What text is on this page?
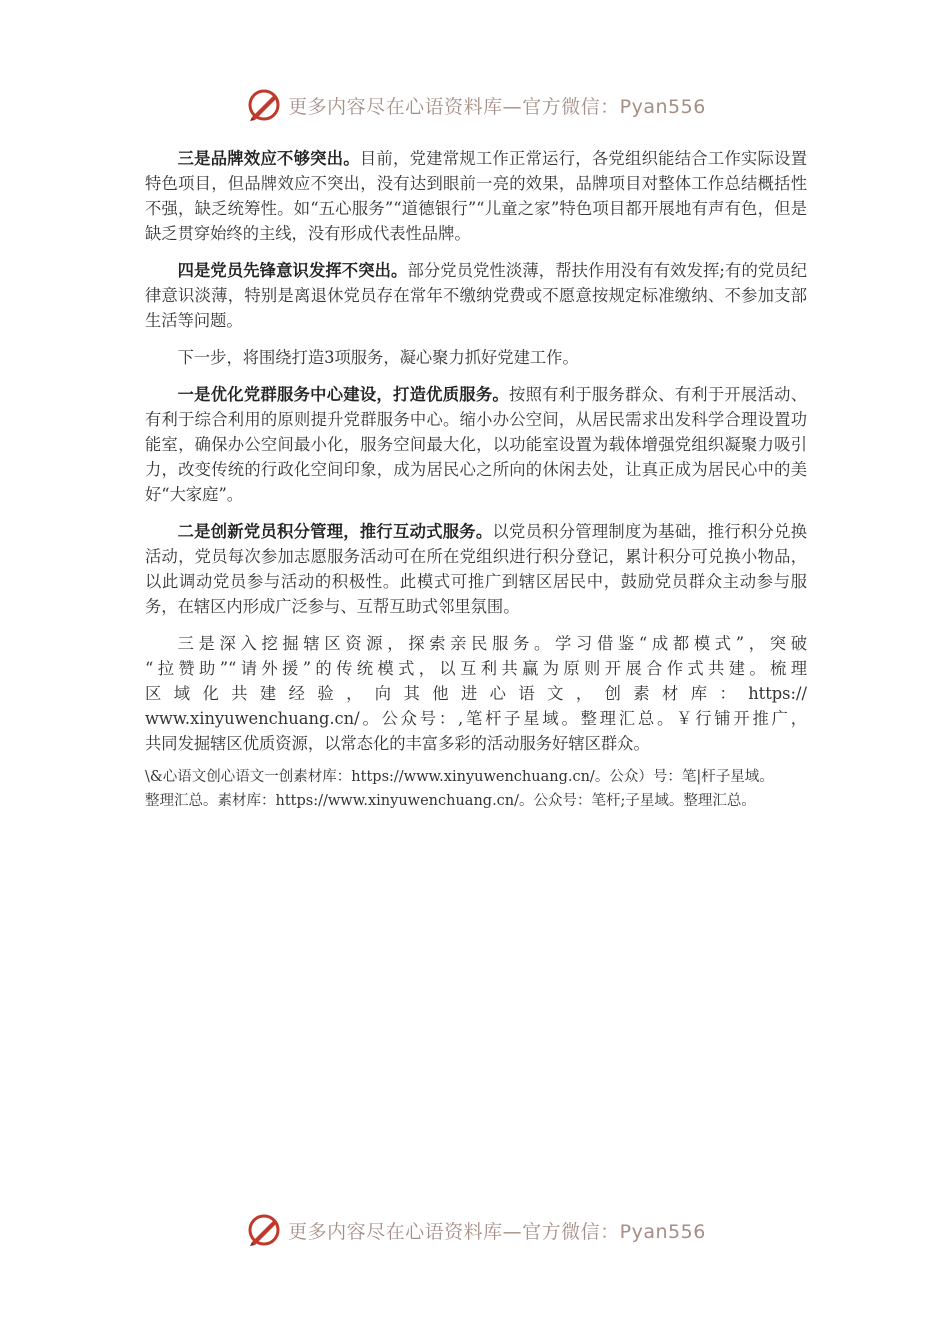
更多内容尽在心语资料库—官方微信：Pyan556

三是品牌效应不够突出。目前，党建常规工作正常运行，各党组织能结合工作实际设置特色项目，但品牌效应不突出，没有达到眼前一亮的效果，品牌项目对整体工作总结概括性不强，缺乏统筹性。如“五心服务”“道德银行”“儿童之家”特色项目都开展地有声有色，但是缺乏贯穿始终的主线，没有形成代表性品牌。

四是党员先锋意识发挥不突出。部分党员党性淡薄，帮扶作用没有有效发挥;有的党员纪律意识淡薄，特别是离退休党员存在常年不缴纳党费或不愿意按规定标准缴纳、不参加支部生活等问题。

下一步，将围绕打造3项服务，凝心聚力抓好党建工作。

一是优化党群服务中心建设，打造优质服务。按照有利于服务群众、有利于开展活动、有利于综合利用的原则提升党群服务中心。缩小办公空间，从居民需求出发科学合理设置功能室，确保办公空间最小化，服务空间最大化，以功能室设置为载体增强党组织凝聚力吸引力，改变传统的行政化空间印象，成为居民心之所向的休闲去处，让真正成为居民心中的美好“大家庭”。

二是创新党员积分管理，推行互动式服务。以党员积分管理制度为基础，推行积分兑换活动，党员每次参加志愿服务活动可在所在党组织进行积分登记，累计积分可兑换小物品，以此调动党员参与活动的积极性。此模式可推广到辖区居民中，鼓励党员群众主动参与服务，在辖区内形成广泛参与、互帮互助式邻里氛围。

三是深入挖掘辖区资源，探索亲民服务。学习借鉴“成都模式”，突破

“拉赞助”“请外援”的传统模式，以互利共赢为原则开展合作式共建。梳理

区域化共建经验，向其他进心语文，创素材库：https://

www.xinyuwenchuang.cn/。公众号：,笔杆子星域。整理汇总。￥行铺开推广，

共同发掘辖区优质资源，以常态化的丰富多彩的活动服务好辖区群众。

\&心语文创心语文一创素材库：https://www.xinyuwenchuang.cn/。公众）号：笔|杆子星域。

整理汇总。素材库：https://www.xinyuwenchuang.cn/。公众号：笔杆;子星域。整理汇总。

更多内容尽在心语资料库—官方微信：Pyan556
